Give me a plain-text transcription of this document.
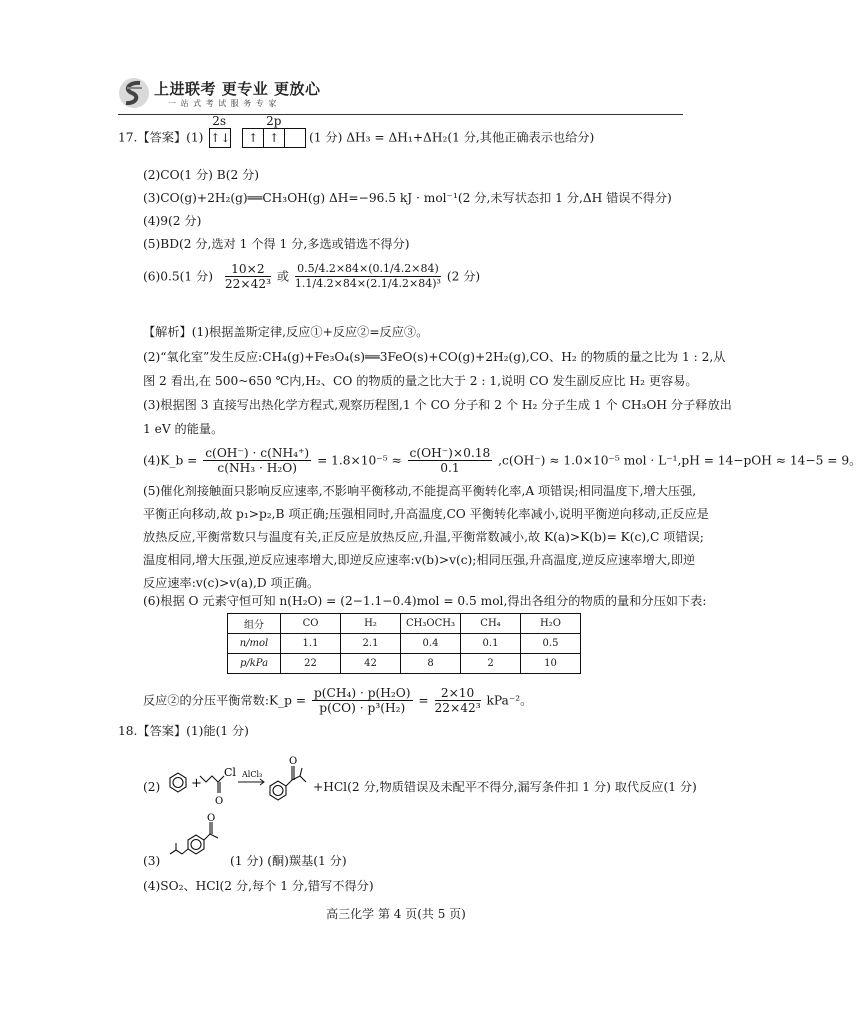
上进联考 更专业 更放心
一 站 式 考 试 服 务 专 家
17.【答案】(1)
2s
↑↓
2p
↑ ↑ (1 分) ΔH₃ = ΔH₁+ΔH₂(1 分,其他正确表示也给分)
(2)CO(1 分) B(2 分)
(3)CO(g)+2H₂(g)══CH₃OH(g) ΔH=−96.5 kJ · mol⁻¹(2 分,未写状态扣 1 分,ΔH 错误不得分)
(4)9(2 分)
(5)BD(2 分,选对 1 个得 1 分,多选或错选不得分)
(6)0.5(1 分) $\frac{10\times 2}{\text{22×42³}}$ 或 $\frac{0.5/4.2\times 84\times(0.1/4.2\times 84)}{\text{1.1/4.2×84×(2.1/4.2×84)³}} (2$ 分)
【解析】(1)根据盖斯定律,反应①+反应②=反应③。
(2)“氧化室”发生反应:CH₄(g)+Fe₃O₄(s)══3FeO(s)+CO(g)+2H₂(g),CO、H₂ 的物质的量之比为 1 : 2,从
图 2 看出,在 500~650 ℃内,H₂、CO 的物质的量之比大于 2 : 1,说明 CO 发生副反应比 H₂ 更容易。
(3)根据图 3 直接写出热化学方程式,观察历程图,1 个 CO 分子和 2 个 H₂ 分子生成 1 个 CH₃OH 分子释放出
1 eV 的能量。
(4)K_b = $\frac{\text{c(OH⁻) · c(NH₄⁺)}}{\text{c(NH₃ · H₂O)}} = 1.8\times 10^{-5} \approx \frac{c(OH^-)\times 0.18}{0.1} ,c(OH^-) \approx 1.0\times 10^{-5}$ mol · L⁻¹,pH = 14−pOH ≈ 14−5 = 9。
(5)催化剂接触面只影响反应速率,不影响平衡移动,不能提高平衡转化率,A 项错误;相同温度下,增大压强,
平衡正向移动,故 p₁>p₂,B 项正确;压强相同时,升高温度,CO 平衡转化率减小,说明平衡逆向移动,正反应是
放热反应,平衡常数只与温度有关,正反应是放热反应,升温,平衡常数减小,故 K(a)>K(b)= K(c),C 项错误;
温度相同,增大压强,逆反应速率增大,即逆反应速率:v(b)>v(c);相同压强,升高温度,逆反应速率增大,即逆
反应速率:v(c)>v(a),D 项正确。
(6)根据 O 元素守恒可知 n(H₂O) = (2−1.1−0.4)mol = 0.5 mol,得出各组分的物质的量和分压如下表:
组分	CO	H₂	CH₃OCH₃	CH₄	H₂O
n/mol	1.1	2.1	0.4	0.1	0.5
p/kPa	22	42	8	2	10
反应②的分压平衡常数:K_p = $\frac{\text{p(CH₄) · p(H₂O)}}{\text{p(CO) · p³(H₂)}} = \frac{2\times 10}{\text{22×42³}} kPa^{-2}$。
18.【答案】(1)能(1 分)
(2) +
Cl
O
AlCl₃
O
+HCl(2 分,物质错误及未配平不得分,漏写条件扣 1 分) 取代反应(1 分)
(3)
O
(1 分) (酮)羰基(1 分)
(4)SO₂、HCl(2 分,每个 1 分,错写不得分)
高三化学 第 4 页(共 5 页)
